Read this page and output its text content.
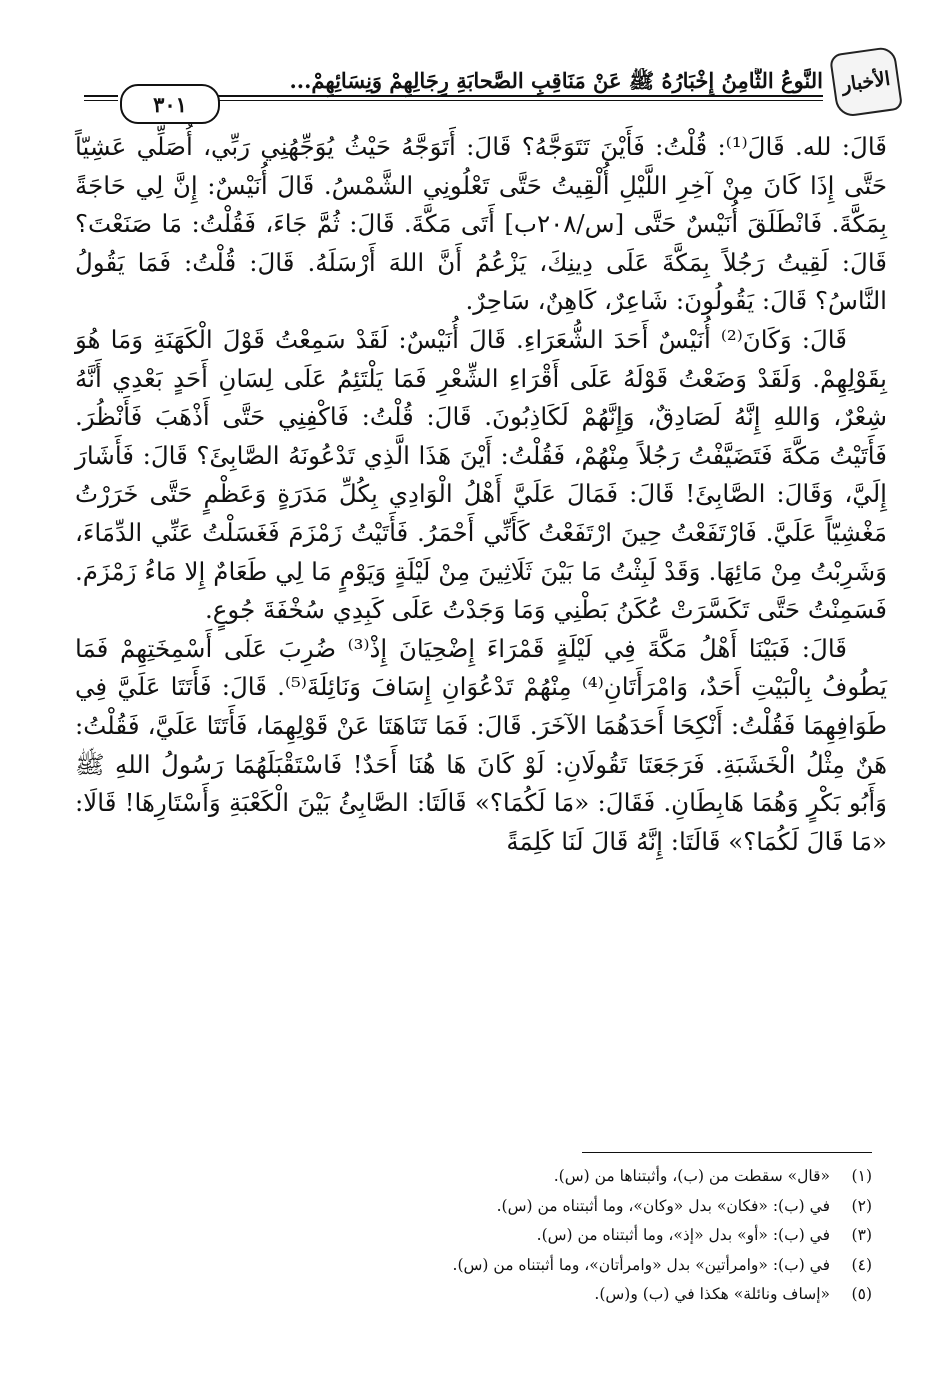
الأخبار
النَّوعُ الثَّامِنُ إِخْبَارُهُ ﷺ عَنْ مَنَاقِبِ الصَّحابَةِ رِجَالِهِمْ وَنِسَائِهِمْ...
٣٠١

قَالَ: لله. قَالَ⁽¹⁾: قُلْتُ: فَأَيْنَ تَتَوَجَّهُ؟ قَالَ: أَتَوَجَّهُ حَيْثُ يُوَجِّهُنِي رَبِّي، أُصَلِّي عَشِيّاً حَتَّى إِذَا كَانَ مِنْ آخِرِ اللَّيْلِ أُلْقِيتُ حَتَّى تَعْلُونِي الشَّمْسُ. قَالَ أُنَيْسٌ: إِنَّ لِي حَاجَةً بِمَكَّةَ. فَانْطَلَقَ أُنَيْسٌ حَتَّى [س/٢٠٨ب] أَتَى مَكَّةَ. قَالَ: ثُمَّ جَاءَ، فَقُلْتُ: مَا صَنَعْتَ؟ قَالَ: لَقِيتُ رَجُلاً بِمَكَّةَ عَلَى دِينِكَ، يَزْعُمُ أَنَّ اللهَ أَرْسَلَهُ. قَالَ: قُلْتُ: فَمَا يَقُولُ النَّاسُ؟ قَالَ: يَقُولُونَ: شَاعِرٌ، كَاهِنٌ، سَاحِرٌ.

قَالَ: وَكَانَ⁽²⁾ أُنَيْسٌ أَحَدَ الشُّعَرَاءِ. قَالَ أُنَيْسٌ: لَقَدْ سَمِعْتُ قَوْلَ الْكَهَنَةِ وَمَا هُوَ بِقَوْلِهِمْ. وَلَقَدْ وَضَعْتُ قَوْلَهُ عَلَى أَقْرَاءِ الشِّعْرِ فَمَا يَلْتَئِمُ عَلَى لِسَانِ أَحَدٍ بَعْدِي أَنَّهُ شِعْرٌ، وَاللهِ إِنَّهُ لَصَادِقٌ، وَإِنَّهُمْ لَكَاذِبُونَ. قَالَ: قُلْتُ: فَاكْفِنِي حَتَّى أَذْهَبَ فَأَنْظُرَ. فَأَتَيْتُ مَكَّةَ فَتَضَيَّفْتُ رَجُلاً مِنْهُمْ، فَقُلْتُ: أَيْنَ هَذَا الَّذِي تَدْعُونَهُ الصَّابِئَ؟ قَالَ: فَأَشَارَ إِلَيَّ، وَقَالَ: الصَّابِئَ! قَالَ: فَمَالَ عَلَيَّ أَهْلُ الْوَادِي بِكُلِّ مَدَرَةٍ وَعَظْمٍ حَتَّى خَرَرْتُ مَغْشِيّاً عَلَيَّ. فَارْتَفَعْتُ حِينَ ارْتَفَعْتُ كَأَنِّي أَحْمَرُ. فَأَتَيْتُ زَمْزَمَ فَغَسَلْتُ عَنِّي الدِّمَاءَ، وَشَرِبْتُ مِنْ مَائِهَا. وَقَدْ لَبِثْتُ مَا بَيْنَ ثَلَاثِينَ مِنْ لَيْلَةٍ وَيَوْمٍ مَا لِي طَعَامٌ إِلا مَاءُ زَمْزَمَ. فَسَمِنْتُ حَتَّى تَكَسَّرَتْ عُكَنُ بَطْنِي وَمَا وَجَدْتُ عَلَى كَبِدِي سُخْفَةَ جُوعٍ.

قَالَ: فَبَيْنَا أَهْلُ مَكَّةَ فِي لَيْلَةٍ قَمْرَاءَ إِضْحِيَانَ إِذْ⁽³⁾ ضُرِبَ عَلَى أَسْمِخَتِهِمْ فَمَا يَطُوفُ بِالْبَيْتِ أَحَدٌ، وَامْرَأَتَانِ⁽⁴⁾ مِنْهُمْ تَدْعُوَانِ إِسَافَ وَنَائِلَةَ⁽⁵⁾. قَالَ: فَأَتَتَا عَلَيَّ فِي طَوَافِهِمَا فَقُلْتُ: أَنْكِحَا أَحَدَهُمَا الآخَرَ. قَالَ: فَمَا تَنَاهَتَا عَنْ قَوْلِهِمَا، فَأَتَتَا عَلَيَّ، فَقُلْتُ: هَنٌ مِثْلُ الْخَشَبَةِ. فَرَجَعَتَا تَقُولَانِ: لَوْ كَانَ هَا هُنَا أَحَدٌ! فَاسْتَقْبَلَهُمَا رَسُولُ اللهِ ﷺ وَأَبُو بَكْرٍ وَهُمَا هَابِطَانِ. فَقَالَ: «مَا لَكُمَا؟» قَالَتَا: الصَّابِئُ بَيْنَ الْكَعْبَةِ وَأَسْتَارِهَا! قَالَا: «مَا قَالَ لَكُمَا؟» قَالَتَا: إِنَّهُ قَالَ لَنَا كَلِمَةً

(١)
«قال» سقطت من (ب)، وأثبتناها من (س).
(٢)
في (ب): «فكان» بدل «وكان»، وما أثبتناه من (س).
(٣)
في (ب): «أو» بدل «إذ»، وما أثبتناه من (س).
(٤)
في (ب): «وامرأتين» بدل «وامرأتان»، وما أثبتناه من (س).
(٥)
«إساف ونائلة» هكذا في (ب) و(س).
